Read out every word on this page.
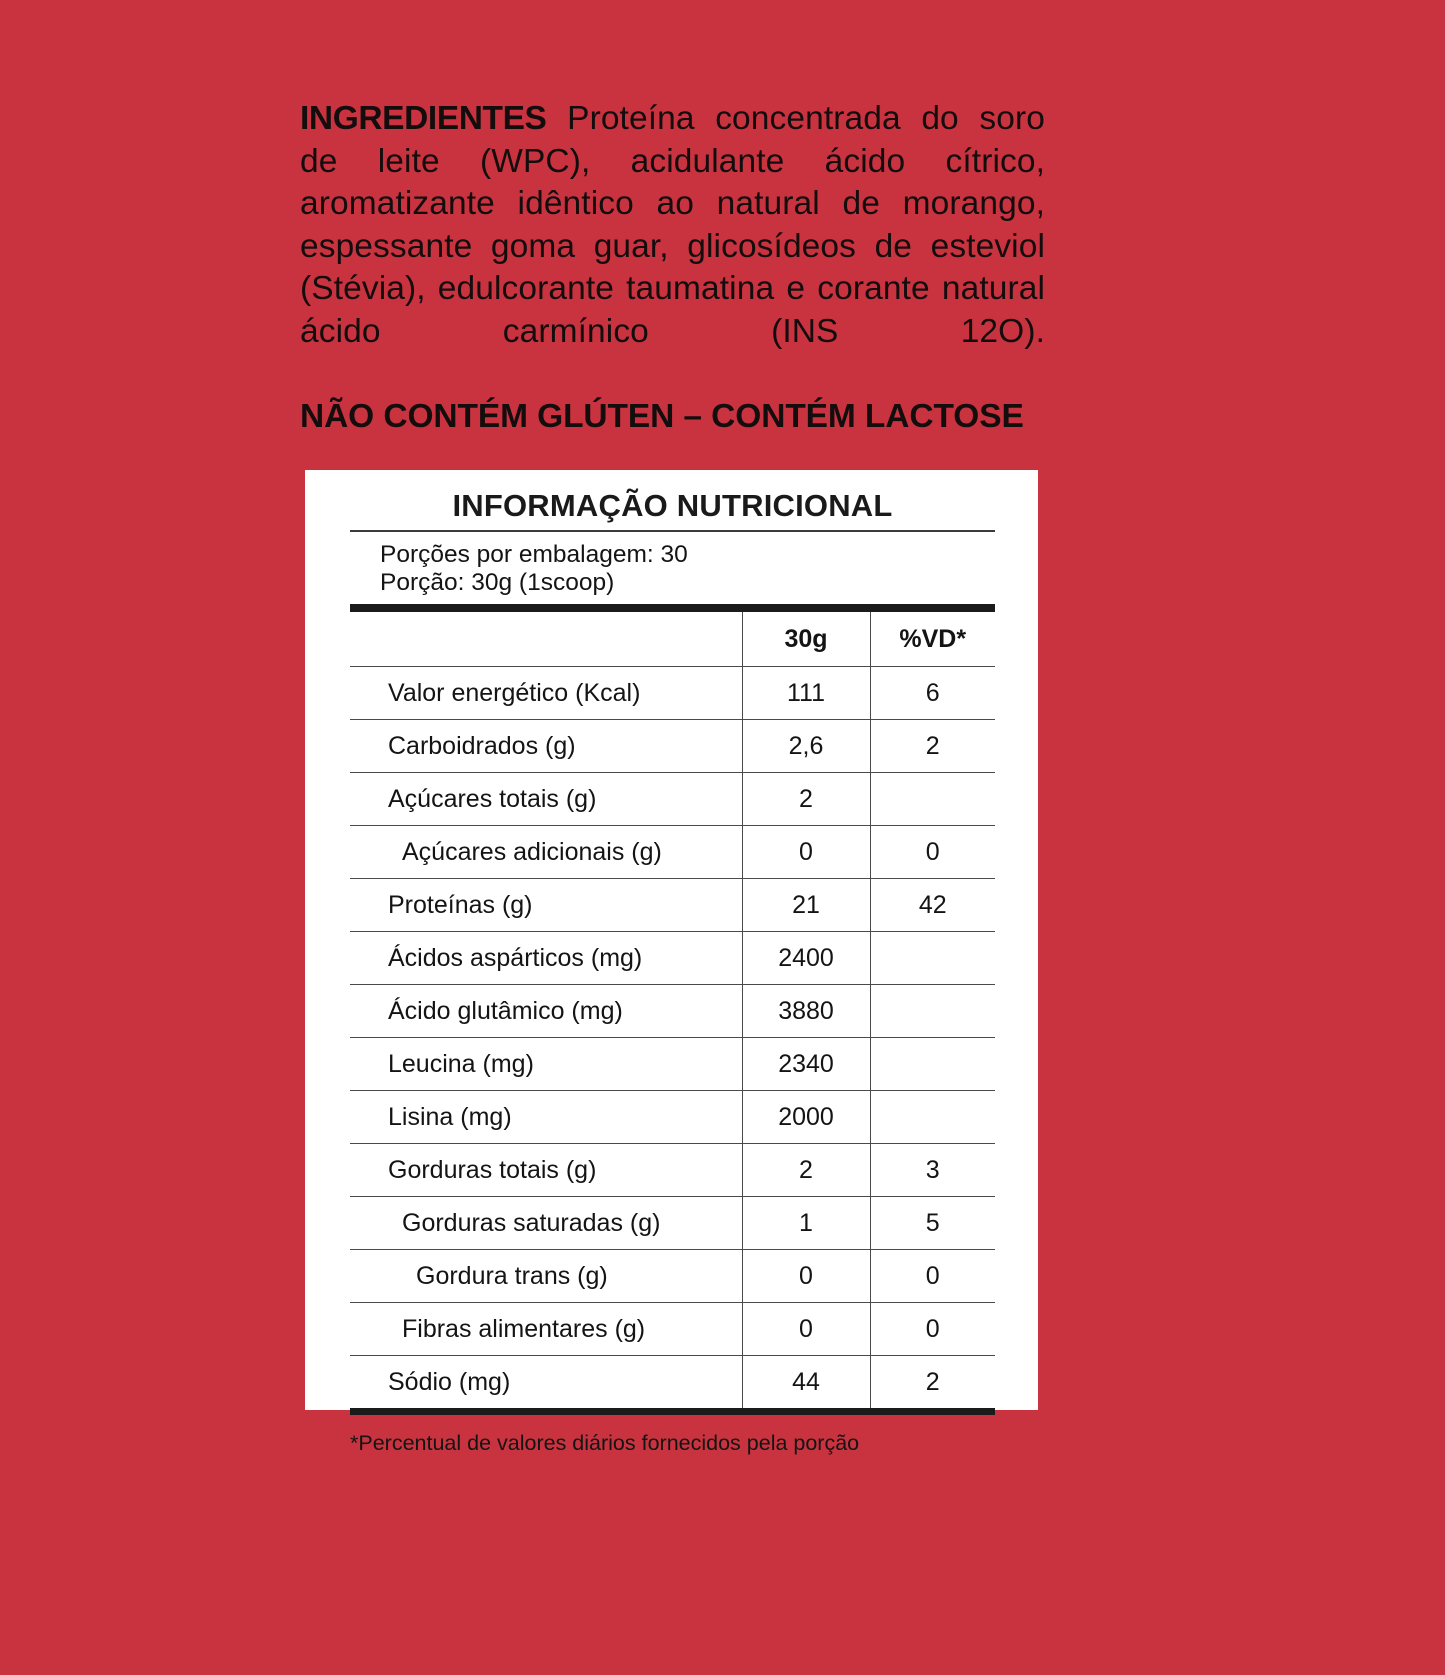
INGREDIENTES Proteína concentrada do soro de leite (WPC), acidulante ácido cítrico, aromatizante idêntico ao natural de morango, espessante goma guar, glicosídeos de esteviol (Stévia), edulcorante taumatina e corante natural ácido carmínico (INS 12O).

NÃO CONTÉM GLÚTEN – CONTÉM LACTOSE

INFORMAÇÃO NUTRICIONAL

Porções por embalagem: 30

Porção: 30g (1scoop)

	30g	%VD*
Valor energético (Kcal)	111	6
Carboidrados (g)	2,6	2
Açúcares totais (g)	2	
Açúcares adicionais (g)	0	0
Proteínas (g)	21	42
Ácidos aspárticos (mg)	2400	
Ácido glutâmico (mg)	3880	
Leucina (mg)	2340	
Lisina (mg)	2000	
Gorduras totais (g)	2	3
Gorduras saturadas (g)	1	5
Gordura trans (g)	0	0
Fibras alimentares (g)	0	0
Sódio (mg)	44	2

*Percentual de valores diários fornecidos pela porção
